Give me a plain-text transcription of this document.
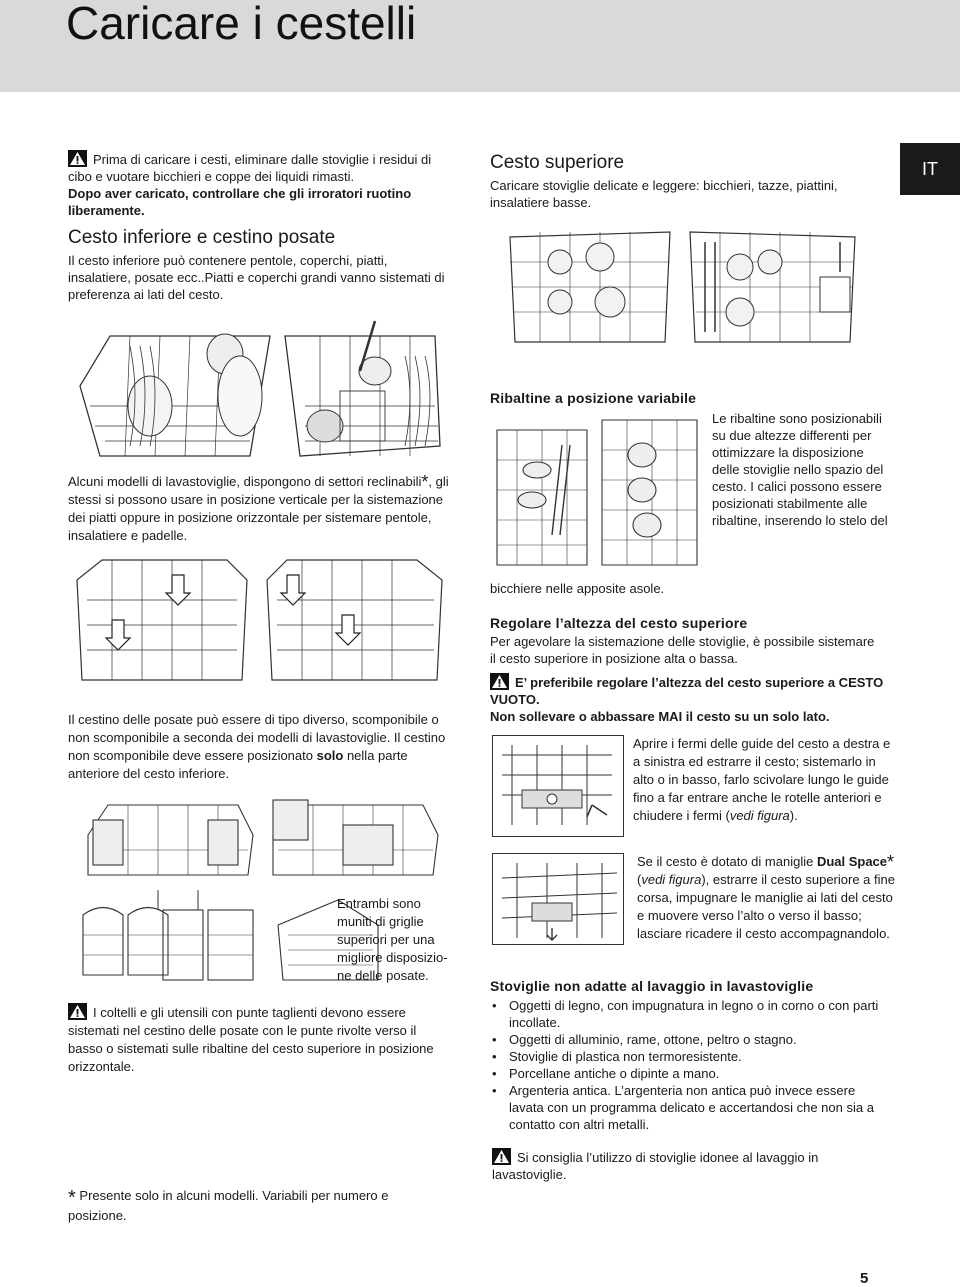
Caricare i cestelli
IT
Prima di caricare i cesti, eliminare dalle stoviglie i residui di cibo e vuotare bicchieri e coppe dei liquidi rimasti.
Dopo aver caricato, controllare che gli irroratori ruotino liberamente.

Cesto inferiore e cestino posate

Il cesto inferiore può contenere pentole, coperchi, piatti, insalatiere, posate ecc..Piatti e coperchi grandi vanno sistemati di preferenza ai lati del cesto.

Alcuni modelli di lavastoviglie, dispongono di settori reclinabili*, gli stessi si possono usare in posizione verticale per la sistemazione dei piatti oppure in posizione orizzontale per sistemare pentole, insalatiere e padelle.

Il cestino delle posate può essere di tipo diverso, scomponibile o non scomponibile a seconda dei modelli di lavastoviglie. Il cestino non scomponibile deve essere posizionato solo nella parte anteriore del cesto inferiore.

Entrambi sono muniti di griglie superiori per una migliore disposizio-ne delle posate.

I coltelli e gli utensili con punte taglienti devono essere sistemati nel cestino delle posate con le punte rivolte verso il basso o sistemati sulle ribaltine del cesto superiore in posizione orizzontale.

* Presente solo in alcuni modelli. Variabili per numero e posizione.

Cesto superiore

Caricare stoviglie delicate e leggere: bicchieri, tazze, piattini, insalatiere basse.

Ribaltine a posizione variabile

Le ribaltine sono posizionabili su due altezze differenti per ottimizzare la disposizione delle stoviglie nello spazio del cesto. I calici possono essere posizionati stabilmente alle ribaltine, inserendo lo stelo del

bicchiere nelle apposite asole.

Regolare l’altezza del cesto superiore

Per agevolare la sistemazione delle stoviglie, è possibile sistemare il cesto superiore in posizione alta o bassa.

E’ preferibile regolare l’altezza del cesto superiore a CESTO VUOTO.
Non sollevare o abbassare MAI il cesto su un solo lato.

Aprire i fermi delle guide del cesto a destra e a sinistra ed estrarre il cesto; sistemarlo in alto o in basso, farlo scivolare lungo le guide fino a far entrare anche le rotelle anteriori e chiudere i fermi (vedi figura).

Se il cesto è dotato di maniglie Dual Space* (vedi figura), estrarre il cesto superiore a fine corsa, impugnare le maniglie ai lati del cesto e muovere verso l’alto o verso il basso; lasciare ricadere il cesto accompagnandolo.

Stoviglie non adatte al lavaggio in lavastoviglie

• Oggetti di legno, con impugnatura in legno o in corno o con parti incollate.
• Oggetti di alluminio, rame, ottone, peltro o stagno.
• Stoviglie di plastica non termoresistente.
• Porcellane antiche o dipinte a mano.
• Argenteria antica. L’argenteria non antica può invece essere lavata con un programma delicato e accertandosi che non sia a contatto con altri metalli.

Si consiglia l’utilizzo di stoviglie idonee al lavaggio in lavastoviglie.

5
